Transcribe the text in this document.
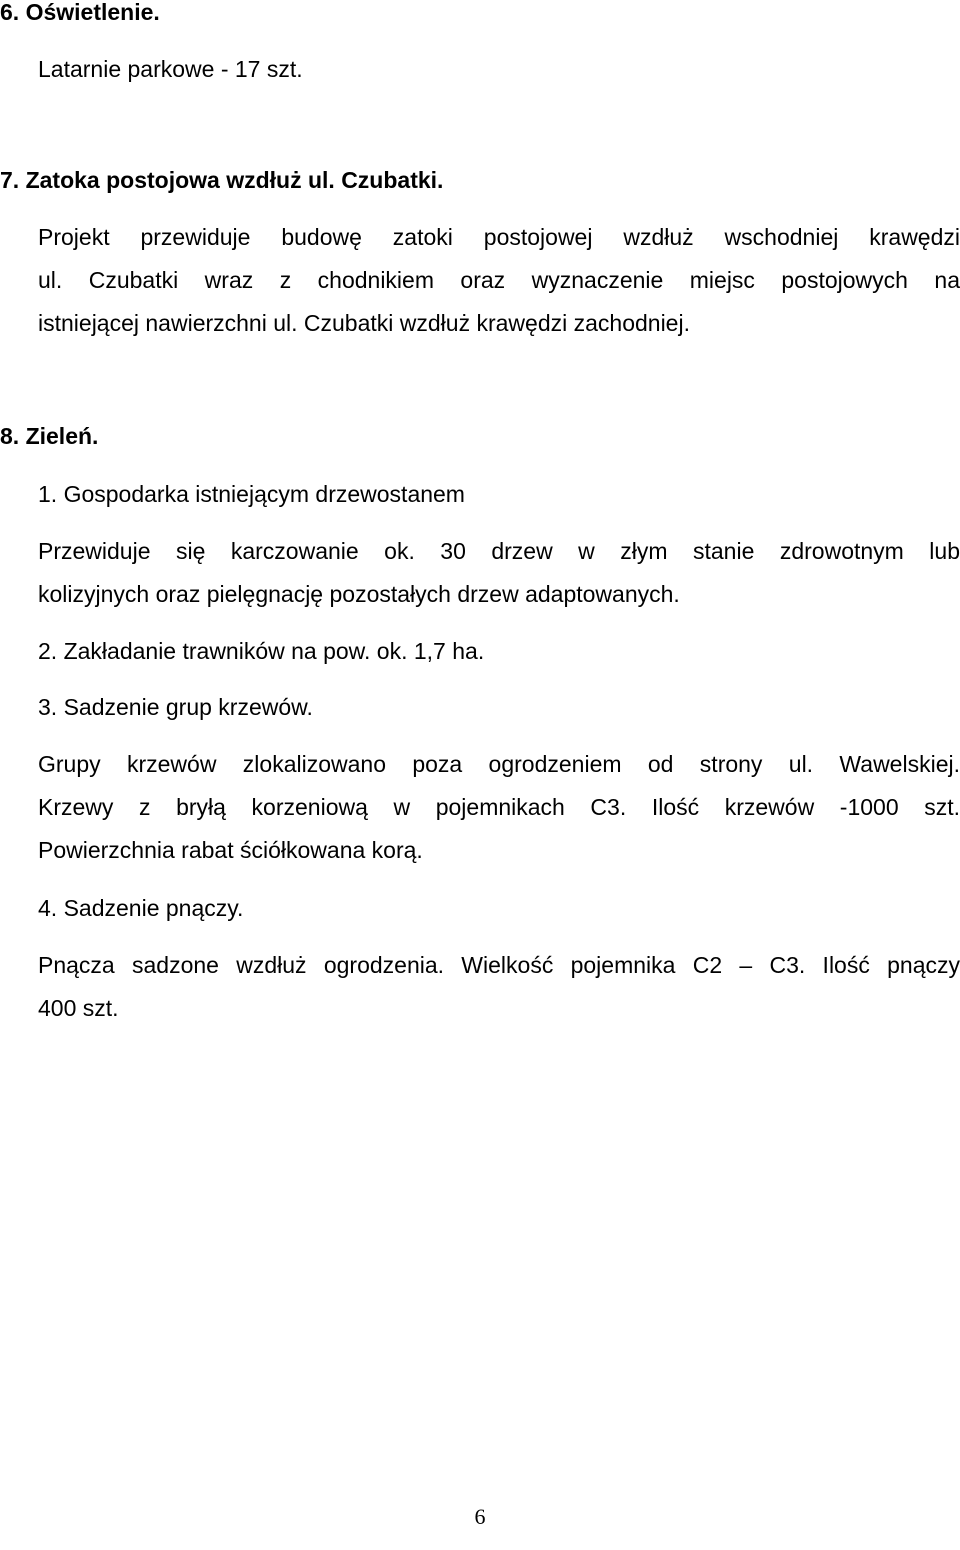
6. Oświetlenie.
Latarnie parkowe - 17 szt.
7. Zatoka postojowa wzdłuż ul. Czubatki.
Projekt przewiduje budowę zatoki postojowej wzdłuż wschodniej krawędzi
ul. Czubatki wraz z chodnikiem oraz wyznaczenie miejsc postojowych na
istniejącej nawierzchni ul. Czubatki wzdłuż krawędzi zachodniej.
8. Zieleń.
1. Gospodarka istniejącym drzewostanem
Przewiduje się karczowanie ok. 30 drzew w złym stanie zdrowotnym lub
kolizyjnych oraz pielęgnację pozostałych drzew adaptowanych.
2. Zakładanie trawników na pow. ok. 1,7 ha.
3. Sadzenie grup krzewów.
Grupy krzewów zlokalizowano poza ogrodzeniem od strony ul. Wawelskiej.
Krzewy z bryłą korzeniową w pojemnikach C3. Ilość krzewów -1000 szt.
Powierzchnia rabat ściółkowana korą.
4. Sadzenie pnączy.
Pnącza sadzone wzdłuż ogrodzenia. Wielkość pojemnika C2 – C3. Ilość pnączy
400 szt.
6
